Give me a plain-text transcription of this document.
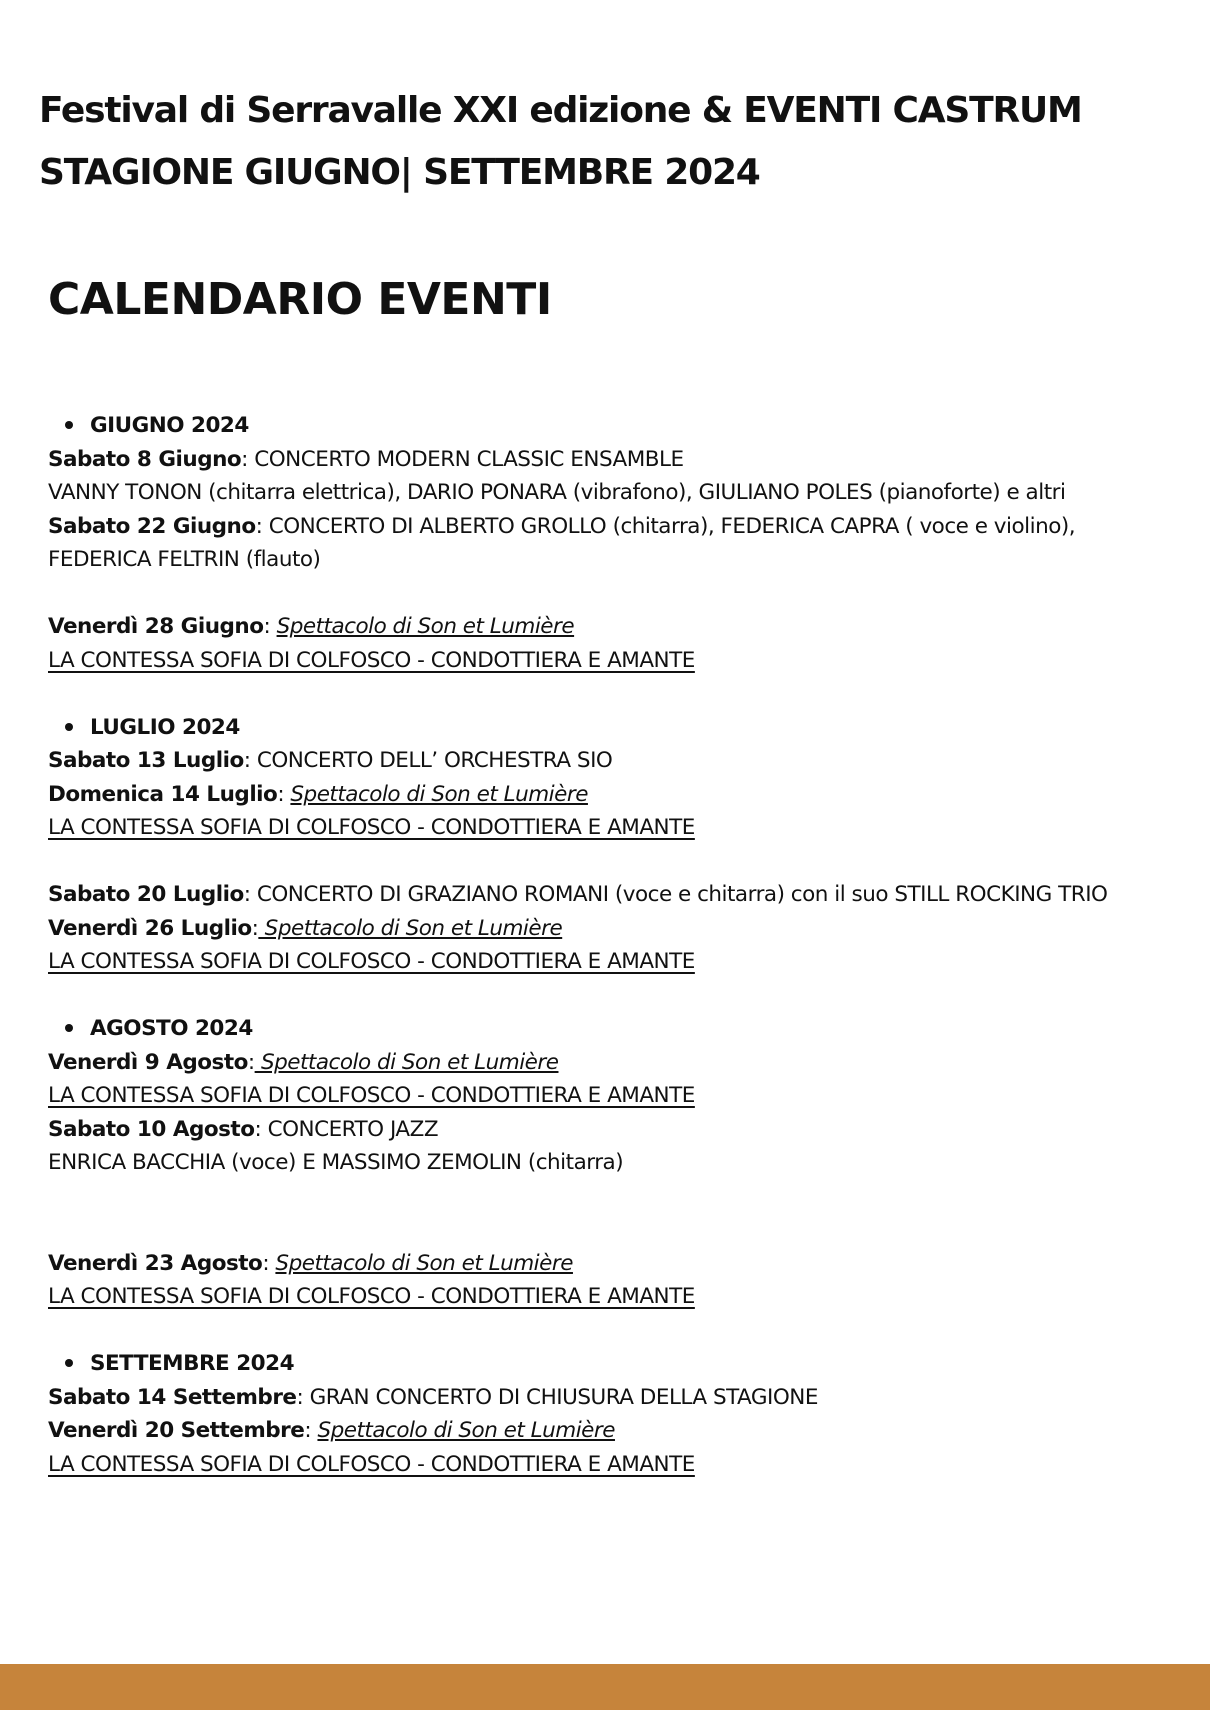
Festival di Serravalle XXI edizione & EVENTI CASTRUM
STAGIONE GIUGNO| SETTEMBRE 2024
CALENDARIO EVENTI
GIUGNO 2024
Sabato 8 Giugno: CONCERTO MODERN CLASSIC ENSAMBLE
VANNY TONON (chitarra elettrica), DARIO PONARA (vibrafono), GIULIANO POLES (pianoforte) e altri
Sabato 22 Giugno: CONCERTO DI ALBERTO GROLLO (chitarra), FEDERICA CAPRA ( voce e violino),
FEDERICA FELTRIN (flauto)
Venerdì 28 Giugno: Spettacolo di Son et Lumière
LA CONTESSA SOFIA DI COLFOSCO - CONDOTTIERA E AMANTE
LUGLIO 2024
Sabato 13 Luglio: CONCERTO DELL’ ORCHESTRA SIO
Domenica 14 Luglio: Spettacolo di Son et Lumière
LA CONTESSA SOFIA DI COLFOSCO - CONDOTTIERA E AMANTE
Sabato 20 Luglio: CONCERTO DI GRAZIANO ROMANI (voce e chitarra) con il suo STILL ROCKING TRIO
Venerdì 26 Luglio: Spettacolo di Son et Lumière
LA CONTESSA SOFIA DI COLFOSCO - CONDOTTIERA E AMANTE
AGOSTO 2024
Venerdì 9 Agosto: Spettacolo di Son et Lumière
LA CONTESSA SOFIA DI COLFOSCO - CONDOTTIERA E AMANTE
Sabato 10 Agosto: CONCERTO JAZZ
ENRICA BACCHIA (voce) E MASSIMO ZEMOLIN (chitarra)
Venerdì 23 Agosto: Spettacolo di Son et Lumière
LA CONTESSA SOFIA DI COLFOSCO - CONDOTTIERA E AMANTE
SETTEMBRE 2024
Sabato 14 Settembre: GRAN CONCERTO DI CHIUSURA DELLA STAGIONE
Venerdì 20 Settembre: Spettacolo di Son et Lumière
LA CONTESSA SOFIA DI COLFOSCO - CONDOTTIERA E AMANTE
